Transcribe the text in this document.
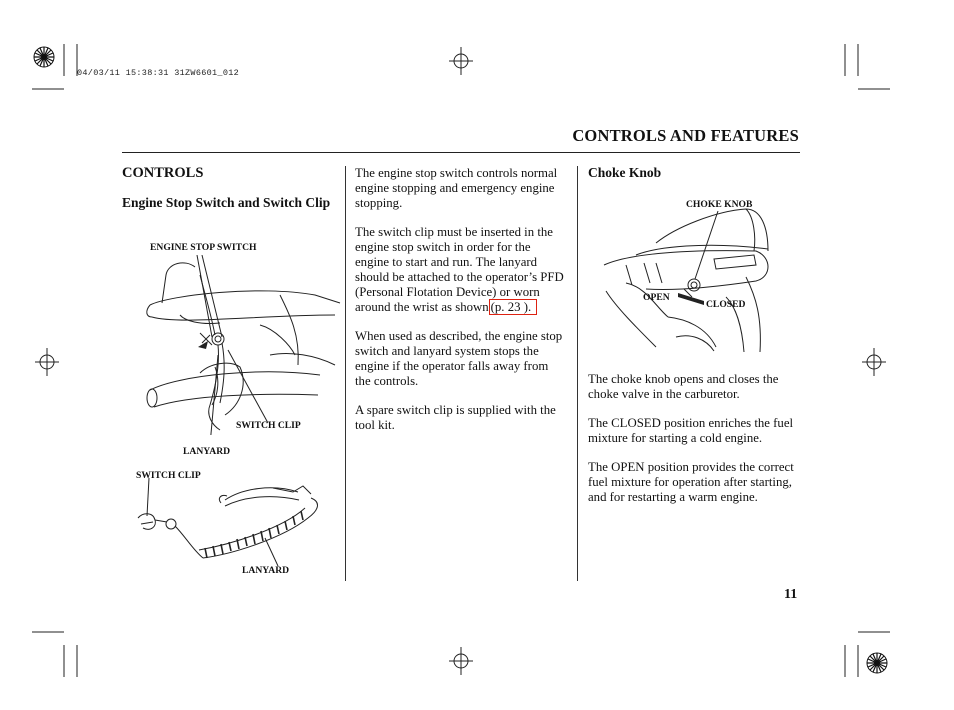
04/03/11 15:38:31 31ZW6601_012
CONTROLS AND FEATURES
CONTROLS
Engine Stop Switch and Switch Clip
ENGINE STOP SWITCH
SWITCH CLIP
LANYARD
SWITCH CLIP
LANYARD

The engine stop switch controls normal engine stopping and emergency engine stopping.

The switch clip must be inserted in the engine stop switch in order for the engine to start and run. The lanyard should be attached to the operator’s PFD (Personal Flotation Device) or worn around the wrist as shown (p. 23 ).

When used as described, the engine stop switch and lanyard system stops the engine if the operator falls away from the controls.

A spare switch clip is supplied with the tool kit.

Choke Knob
CHOKE KNOB
OPEN
CLOSED

The choke knob opens and closes the choke valve in the carburetor.

The CLOSED position enriches the fuel mixture for starting a cold engine.

The OPEN position provides the correct fuel mixture for operation after starting, and for restarting a warm engine.

11
